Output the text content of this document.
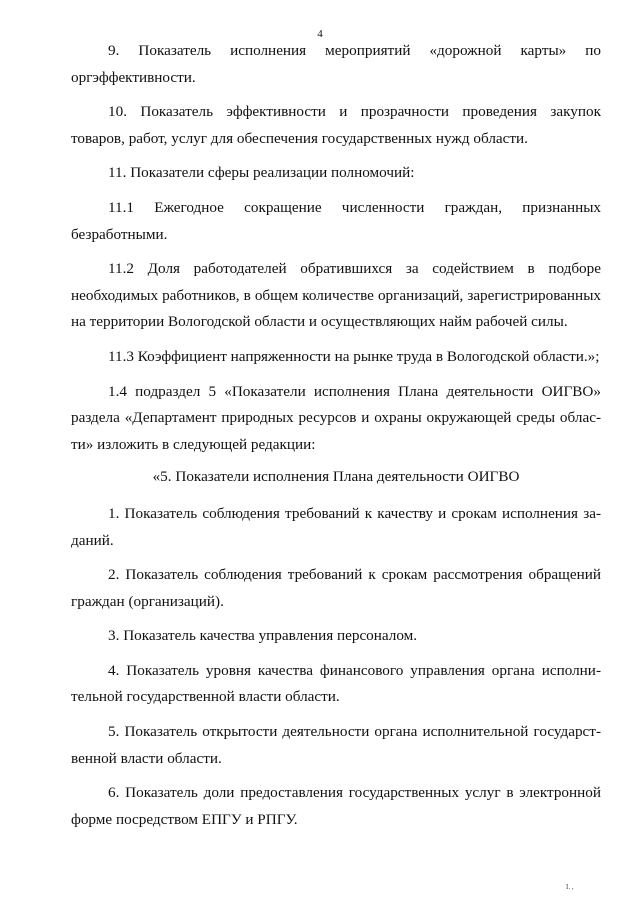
4

9. Показатель исполнения мероприятий «дорожной карты» по оргэффективности.

10. Показатель эффективности и прозрачности проведения закупок товаров, работ, услуг для обеспечения государственных нужд области.

11. Показатели сферы реализации полномочий:

11.1 Ежегодное сокращение численности граждан, признанных безработными.

11.2 Доля работодателей обратившихся за содействием в подборе необходимых работников, в общем количестве организаций, зарегистрированных на территории Вологодской области и осуществляющих найм рабочей силы.

11.3 Коэффициент напряженности на рынке труда в Вологодской области.»;

1.4 подраздел 5 «Показатели исполнения Плана деятельности ОИГВО» раздела «Департамент природных ресурсов и охраны окружающей среды области» изложить в следующей редакции:

«5. Показатели исполнения Плана деятельности ОИГВО

1. Показатель соблюдения требований к качеству и срокам исполнения заданий.

2. Показатель соблюдения требований к срокам рассмотрения обращений граждан (организаций).

3. Показатель качества управления персоналом.

4. Показатель уровня качества финансового управления органа исполнительной государственной власти области.

5. Показатель открытости деятельности органа исполнительной государственной власти области.

6. Показатель доли предоставления государственных услуг в электронной форме посредством ЕПГУ и РПГУ.

I. ,
